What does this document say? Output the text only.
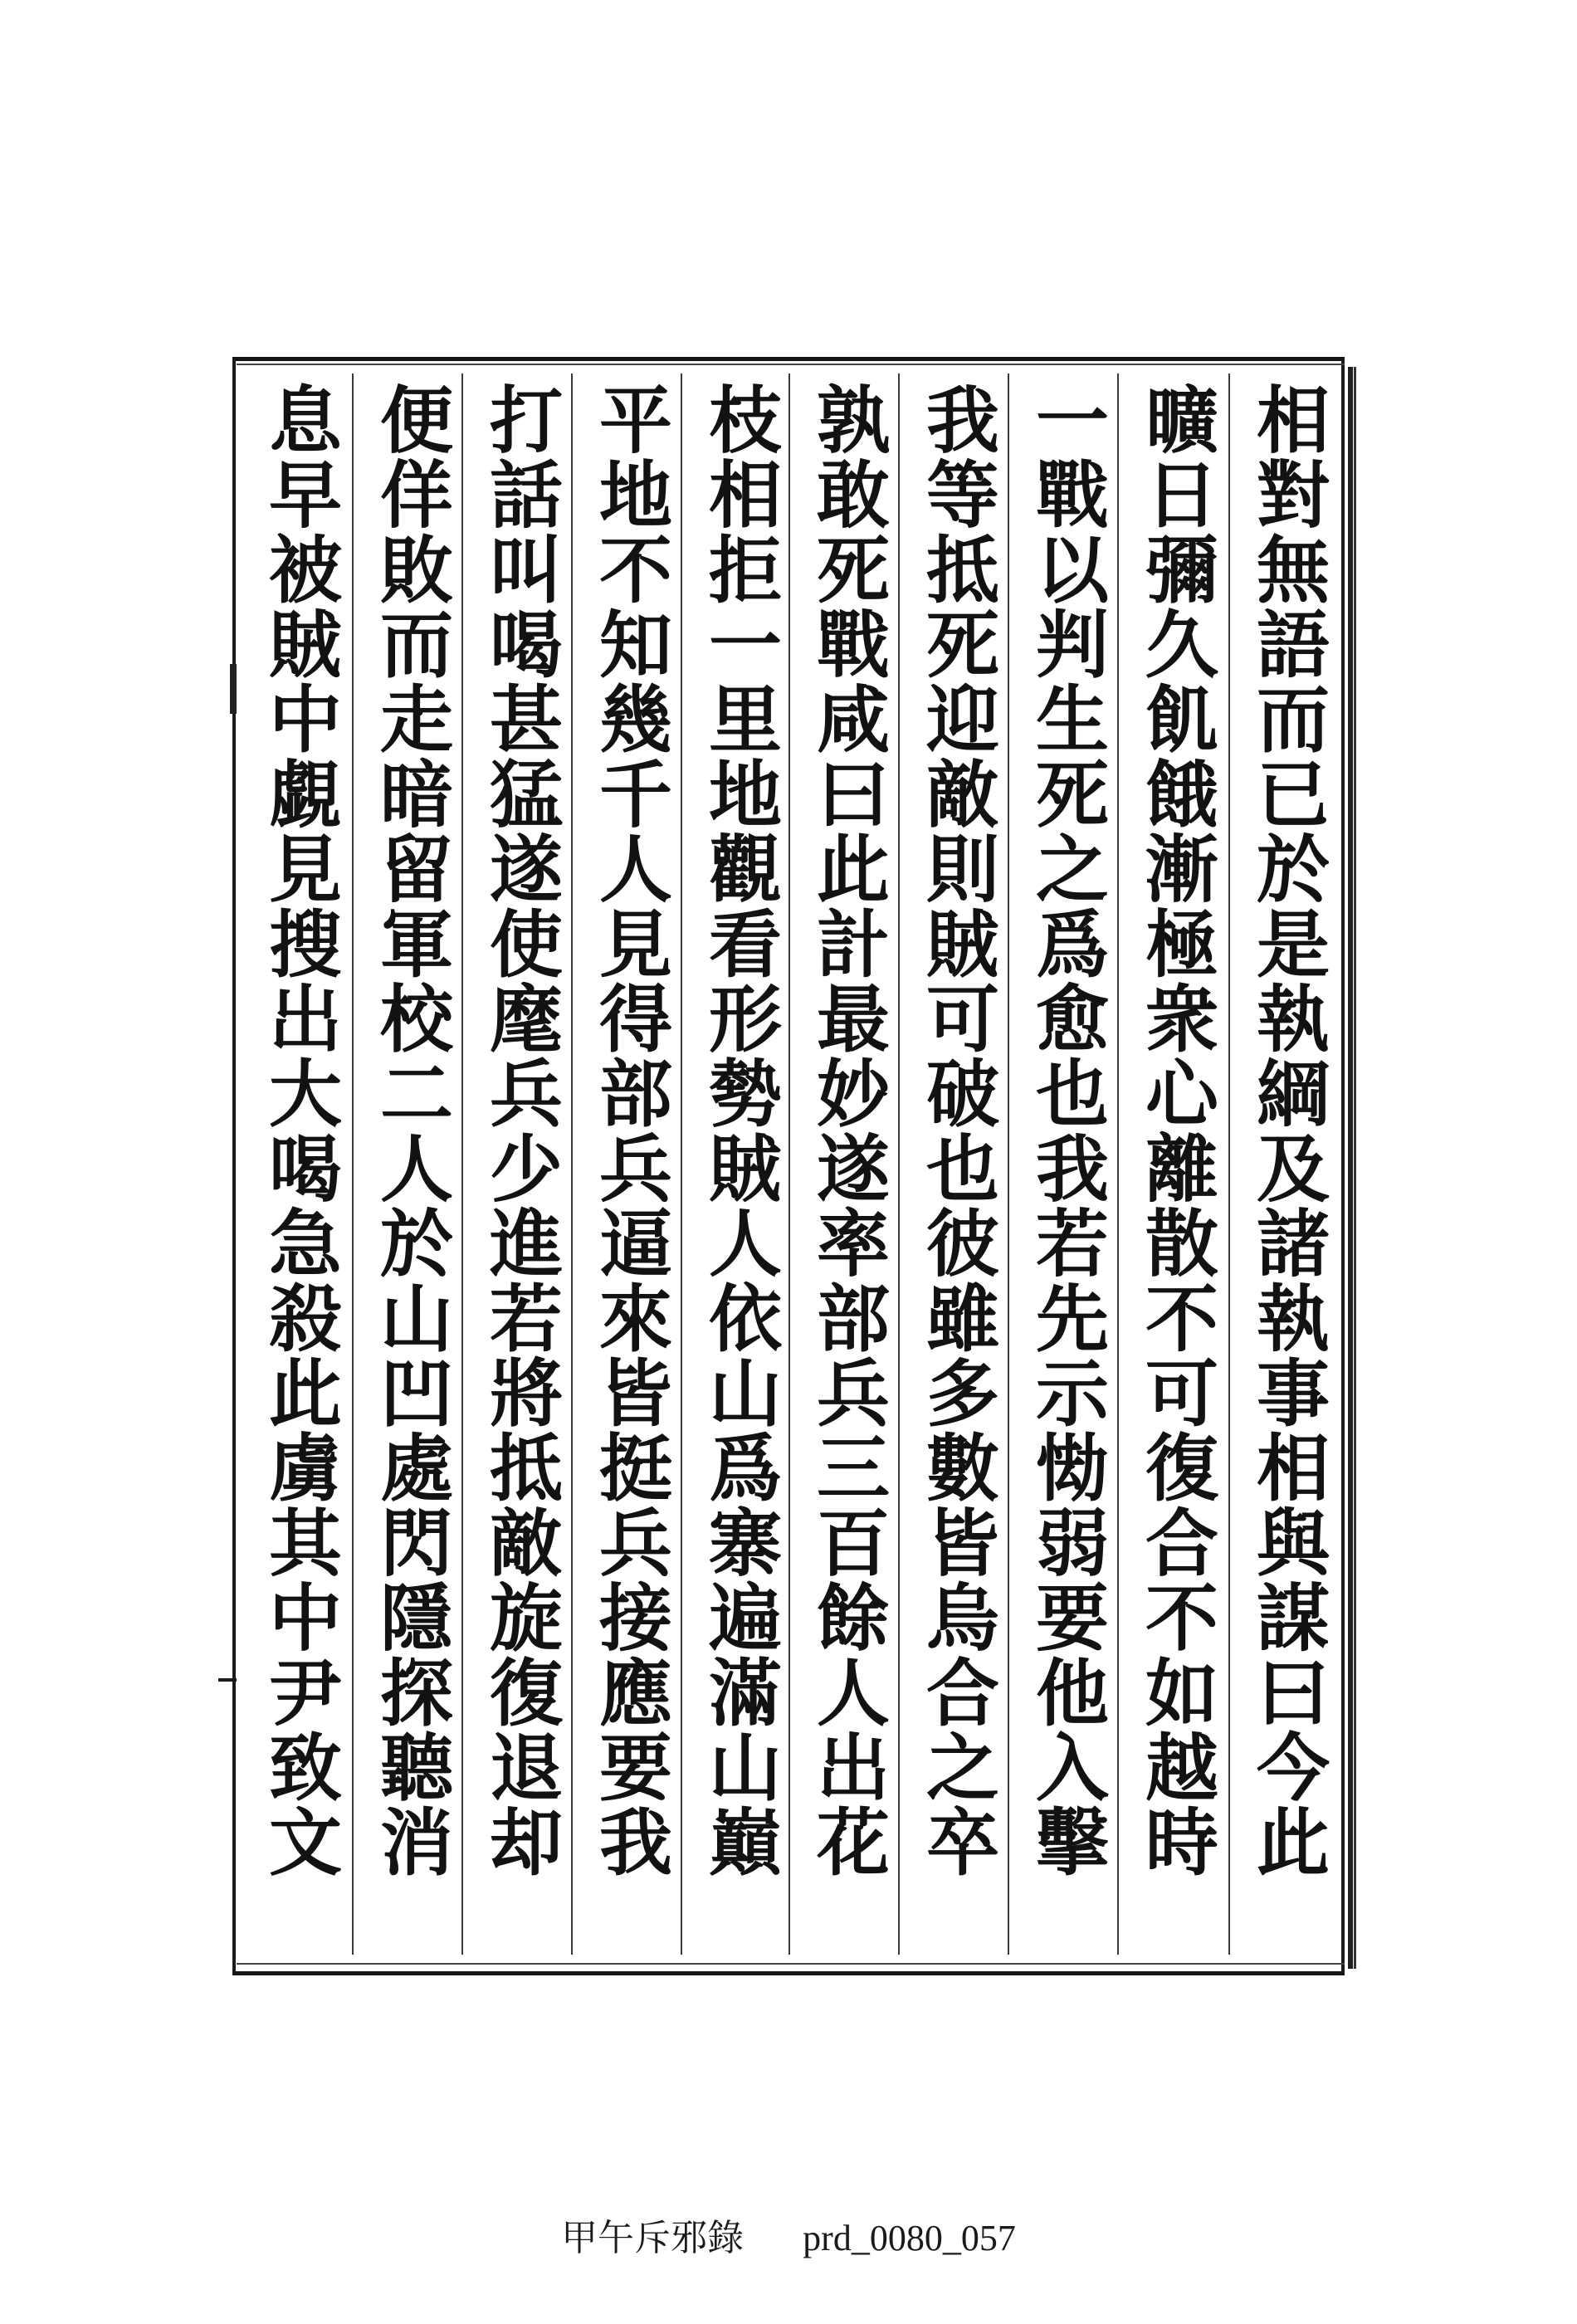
相對無語而已於是執綱及諸執事相與謀曰今此
曠日彌久飢餓漸極衆心離散不可復合不如越時
一戰以判生死之爲愈也我若先示㤼弱要他入擊
我等抵死迎敵則賊可破也彼雖多數皆烏合之卒
孰敢死戰咸曰此計最妙遂率部兵三百餘人出花
枝相拒一里地觀看形勢賊人依山爲寨遍滿山巔
平地不知幾千人見得部兵逼來皆挺兵接應要我
打話叫喝甚猛遂使麾兵少進若將抵敵旋復退却
便佯敗而走暗留軍校二人於山凹處閃隱探聽消
息早被賊中覷見搜出大喝急殺此虜其中尹致文
甲午斥邪錄 prd_0080_057
